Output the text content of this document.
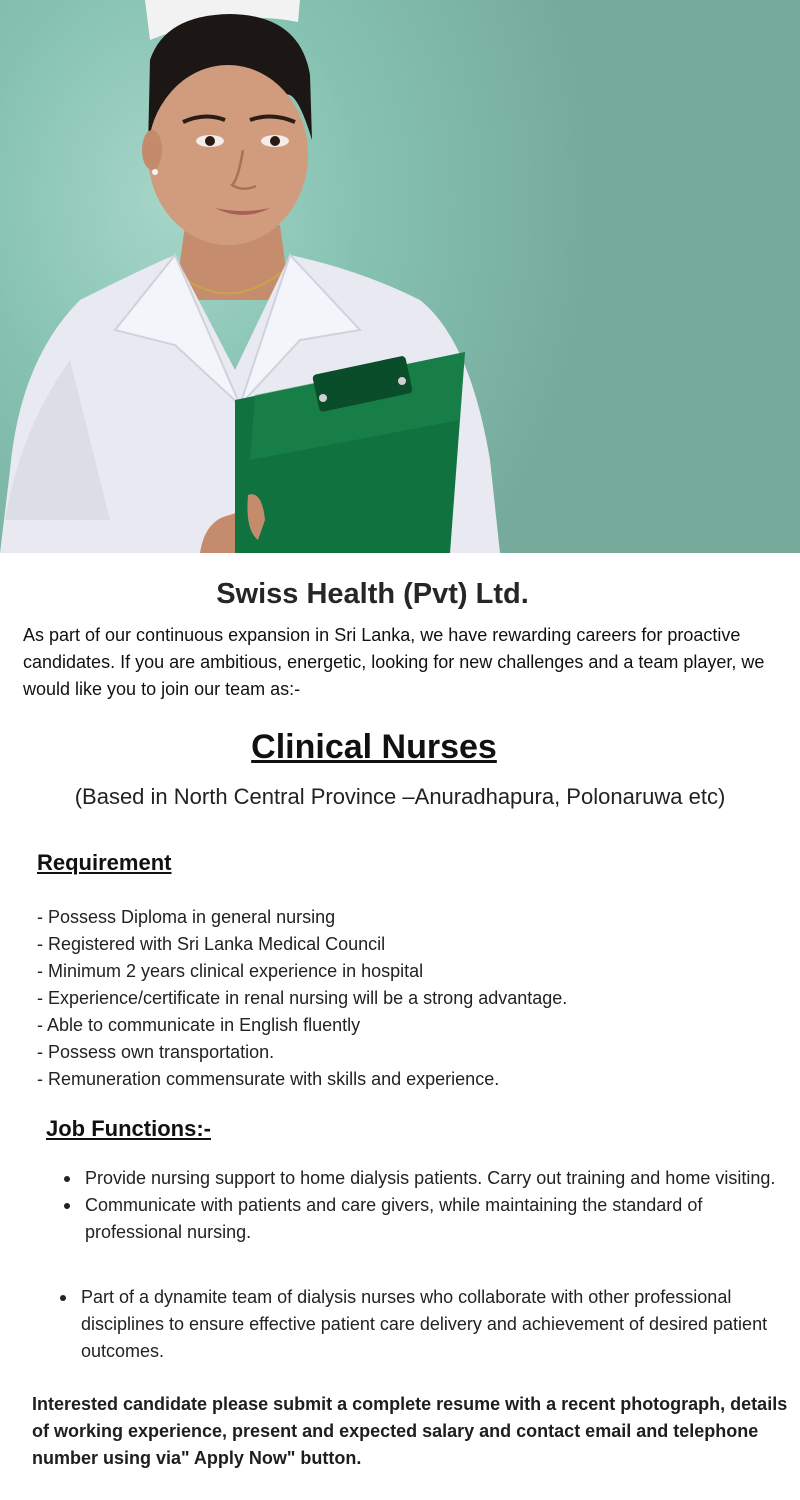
Swiss Health (Pvt) Ltd.
As part of our continuous expansion in Sri Lanka, we have rewarding careers for proactive candidates. If you are ambitious, energetic, looking for new challenges and a team player, we would like you to join our team as:-
Clinical Nurses
(Based in North Central Province –Anuradhapura, Polonaruwa etc)
Requirement
- Possess Diploma in general nursing
- Registered with Sri Lanka Medical Council
- Minimum 2 years clinical experience in hospital
- Experience/certificate in renal nursing will be a strong advantage.
- Able to communicate in English fluently
- Possess own transportation.
- Remuneration commensurate with skills and experience.
Job Functions:-
Provide nursing support to home dialysis patients. Carry out training and home visiting.
Communicate with patients and care givers, while maintaining the standard of professional nursing.
Part of a dynamite team of dialysis nurses who collaborate with other professional disciplines to ensure effective patient care delivery and achievement of desired patient outcomes.
Interested candidate please submit a complete resume with a recent photograph, details of working experience, present and expected salary and contact email and telephone number using via" Apply Now" button.
